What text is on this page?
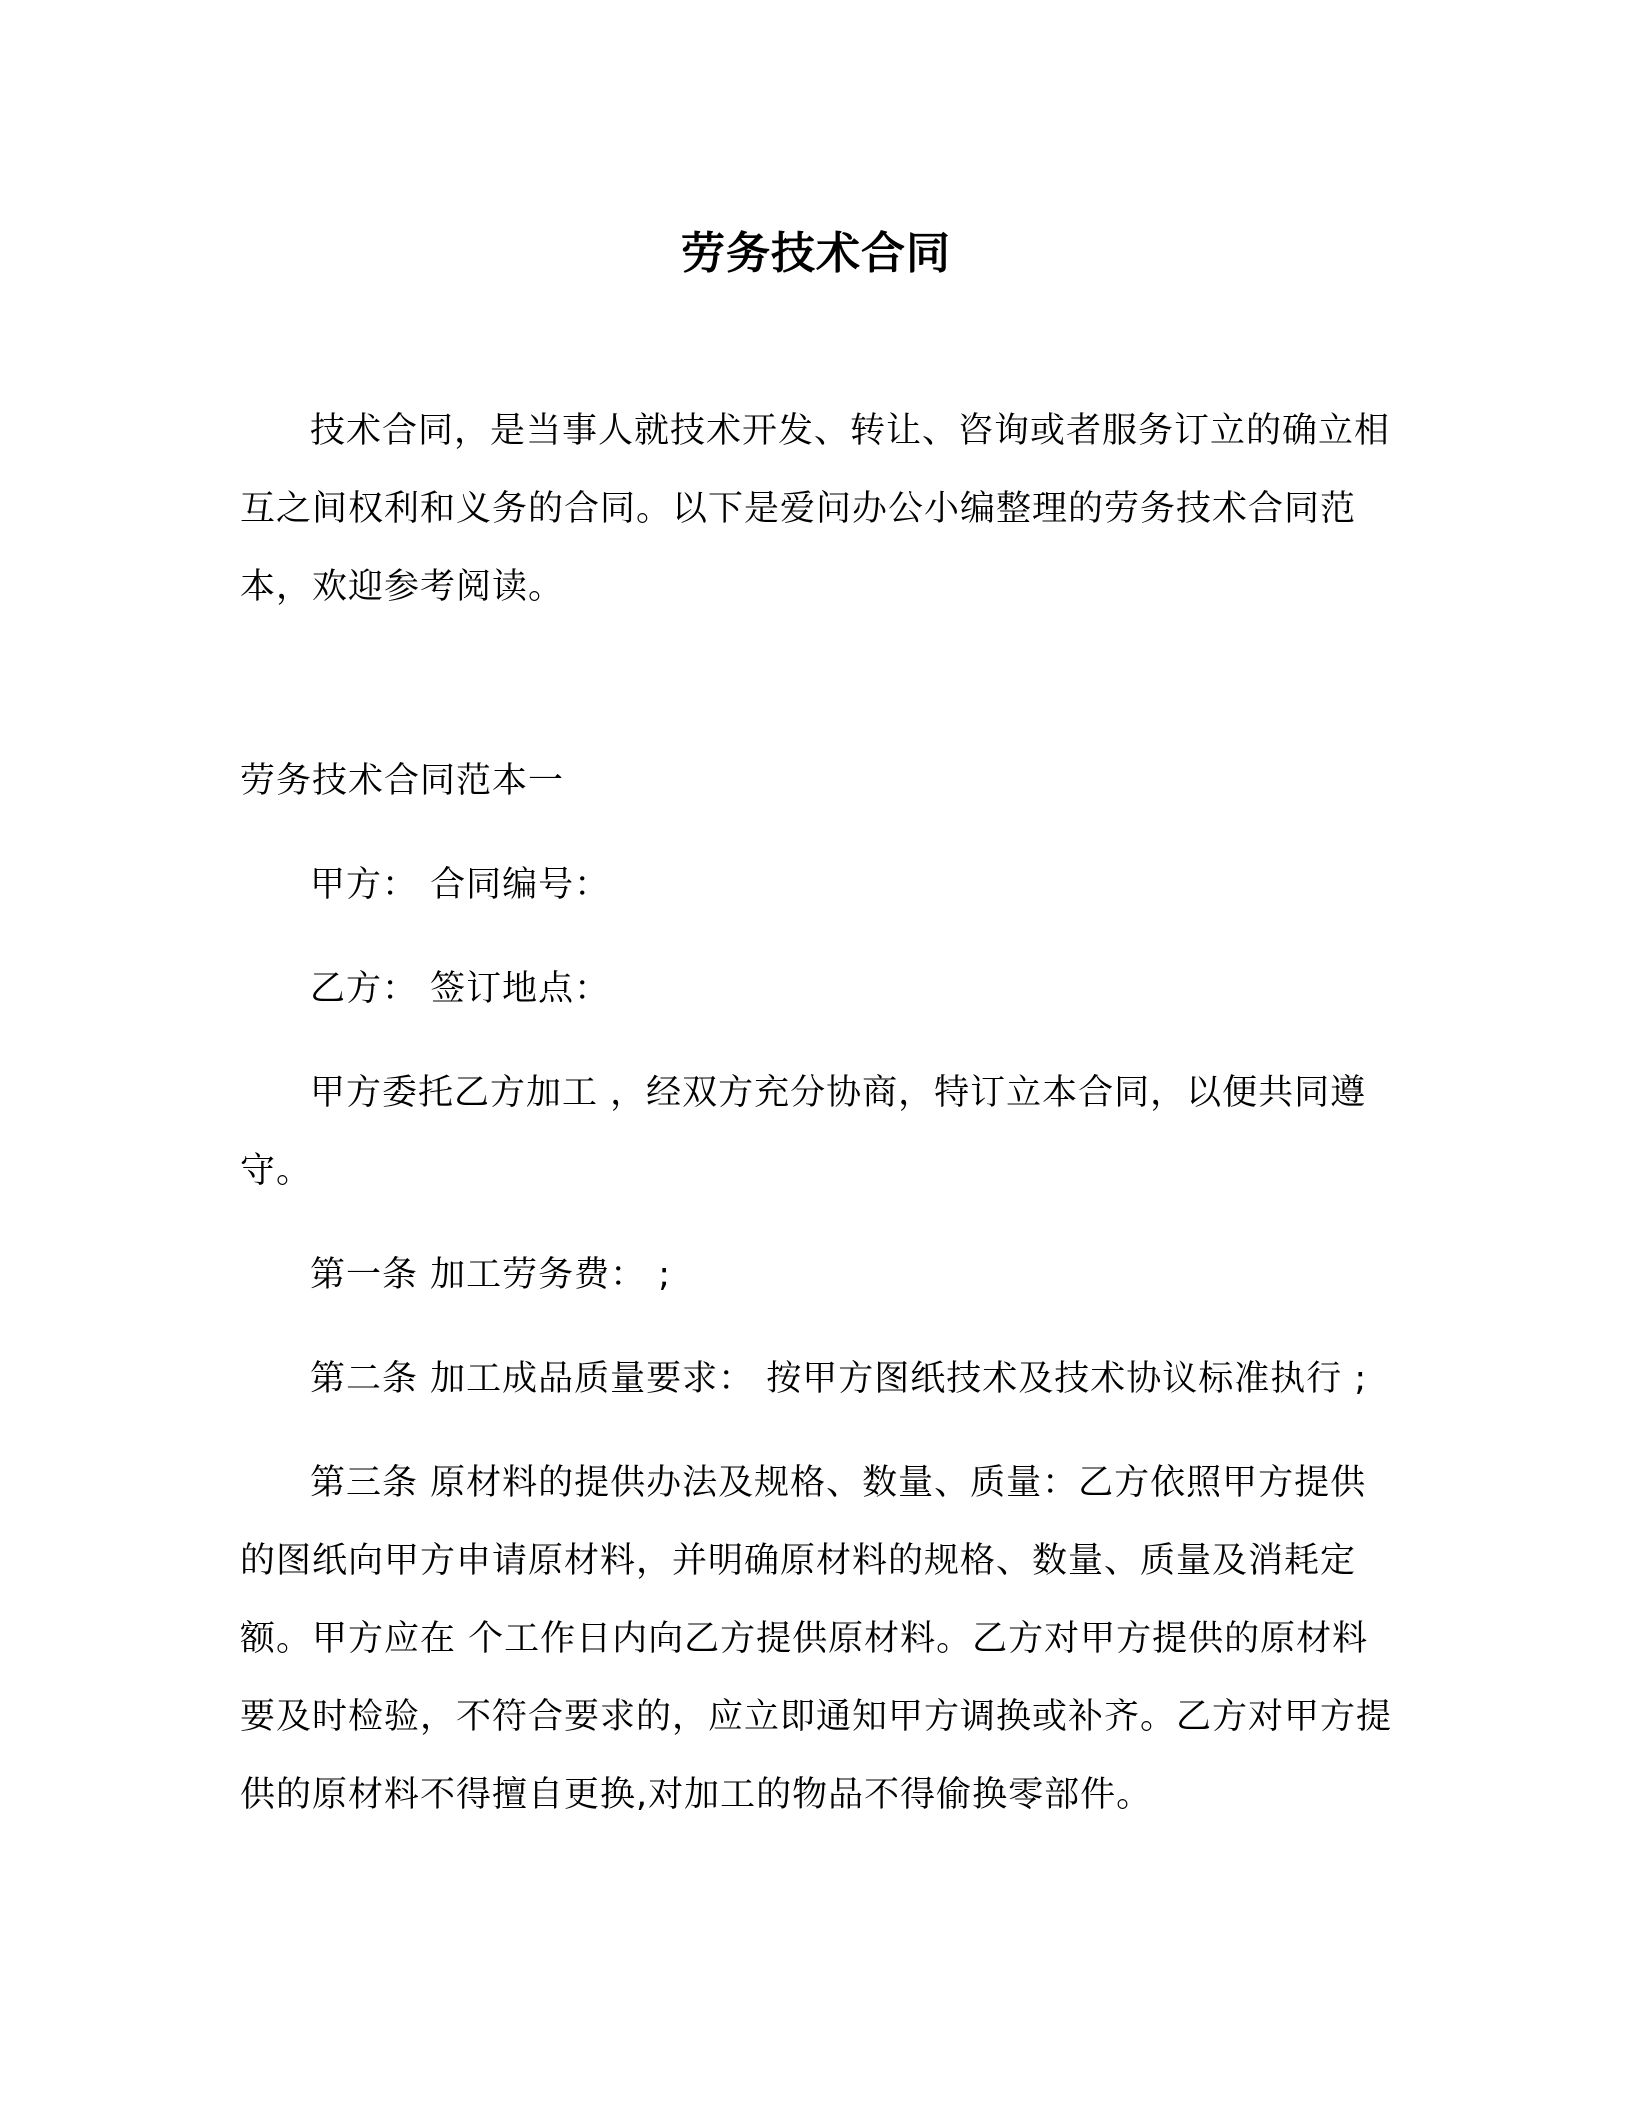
劳务技术合同

技术合同，是当事人就技术开发、转让、咨询或者服务订立的确立相互之间权利和义务的合同。以下是爱问办公小编整理的劳务技术合同范本，欢迎参考阅读。

劳务技术合同范本一

甲方： 合同编号：

乙方： 签订地点：

甲方委托乙方加工 ，经双方充分协商，特订立本合同，以便共同遵守。

第一条 加工劳务费： ;

第二条 加工成品质量要求： 按甲方图纸技术及技术协议标准执行 ;

第三条 原材料的提供办法及规格、数量、质量：乙方依照甲方提供的图纸向甲方申请原材料，并明确原材料的规格、数量、质量及消耗定额。甲方应在 个工作日内向乙方提供原材料。乙方对甲方提供的原材料要及时检验，不符合要求的，应立即通知甲方调换或补齐。乙方对甲方提供的原材料不得擅自更换,对加工的物品不得偷换零部件。
